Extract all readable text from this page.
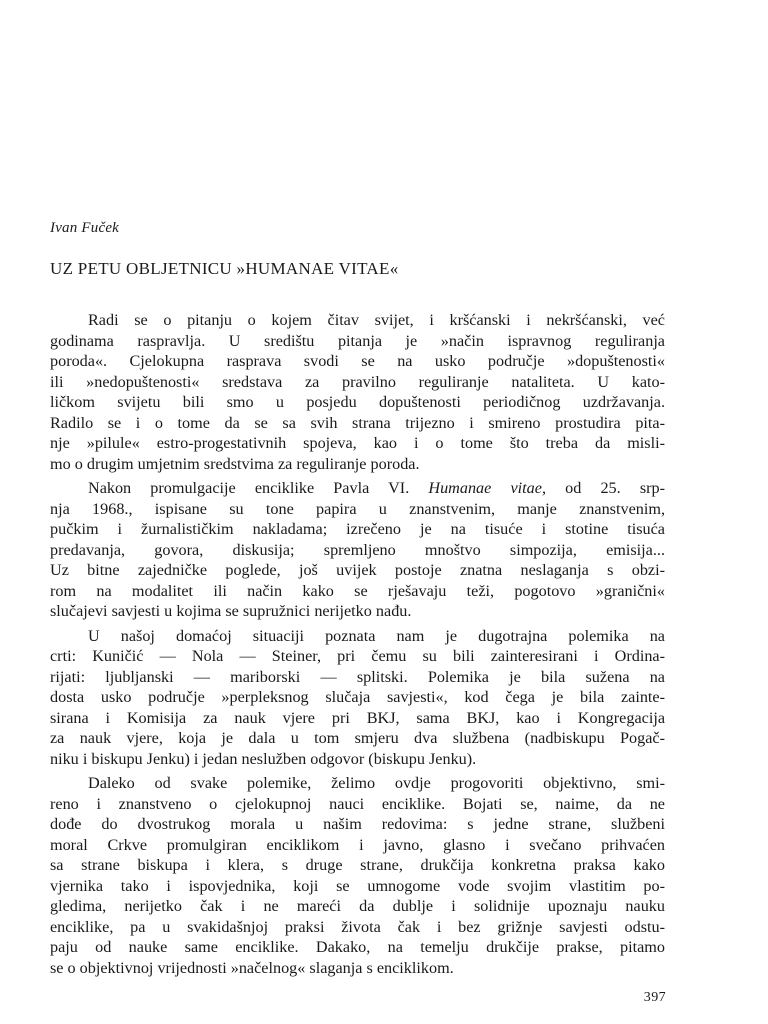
Ivan Fuček
UZ PETU OBLJETNICU »HUMANAE VITAE«
Radi se o pitanju o kojem čitav svijet, i kršćanski i nekršćanski, već
godinama raspravlja. U središtu pitanja je »način ispravnog reguliranja
poroda«. Cjelokupna rasprava svodi se na usko područje »dopuštenosti«
ili »nedopuštenosti« sredstava za pravilno reguliranje nataliteta. U kato-
ličkom svijetu bili smo u posjedu dopuštenosti periodičnog uzdržavanja.
Radilo se i o tome da se sa svih strana trijezno i smireno prostudira pita-
nje »pilule« estro-progestativnih spojeva, kao i o tome što treba da misli-
mo o drugim umjetnim sredstvima za reguliranje poroda.
Nakon promulgacije enciklike Pavla VI. Humanae vitae, od 25. srp-
nja 1968., ispisane su tone papira u znanstvenim, manje znanstvenim,
pučkim i žurnalističkim nakladama; izrečeno je na tisuće i stotine tisuća
predavanja, govora, diskusija; spremljeno mnoštvo simpozija, emisija...
Uz bitne zajedničke poglede, još uvijek postoje znatna neslaganja s obzi-
rom na modalitet ili način kako se rješavaju teži, pogotovo »granični«
slučajevi savjesti u kojima se supružnici nerijetko nađu.
U našoj domaćoj situaciji poznata nam je dugotrajna polemika na
crti: Kuničić — Nola — Steiner, pri čemu su bili zainteresirani i Ordina-
rijati: ljubljanski — mariborski — splitski. Polemika je bila sužena na
dosta usko područje »perpleksnog slučaja savjesti«, kod čega je bila zainte-
sirana i Komisija za nauk vjere pri BKJ, sama BKJ, kao i Kongregacija
za nauk vjere, koja je dala u tom smjeru dva službena (nadbiskupu Pogač-
niku i biskupu Jenku) i jedan neslužben odgovor (biskupu Jenku).
Daleko od svake polemike, želimo ovdje progovoriti objektivno, smi-
reno i znanstveno o cjelokupnoj nauci enciklike. Bojati se, naime, da ne
dođe do dvostrukog morala u našim redovima: s jedne strane, službeni
moral Crkve promulgiran enciklikom i javno, glasno i svečano prihvaćen
sa strane biskupa i klera, s druge strane, drukčija konkretna praksa kako
vjernika tako i ispovjednika, koji se umnogome vode svojim vlastitim po-
gledima, nerijetko čak i ne mareći da dublje i solidnije upoznaju nauku
enciklike, pa u svakidašnjoj praksi života čak i bez grižnje savjesti odstu-
paju od nauke same enciklike. Dakako, na temelju drukčije prakse, pitamo
se o objektivnoj vrijednosti »načelnog« slaganja s enciklikom.
397
